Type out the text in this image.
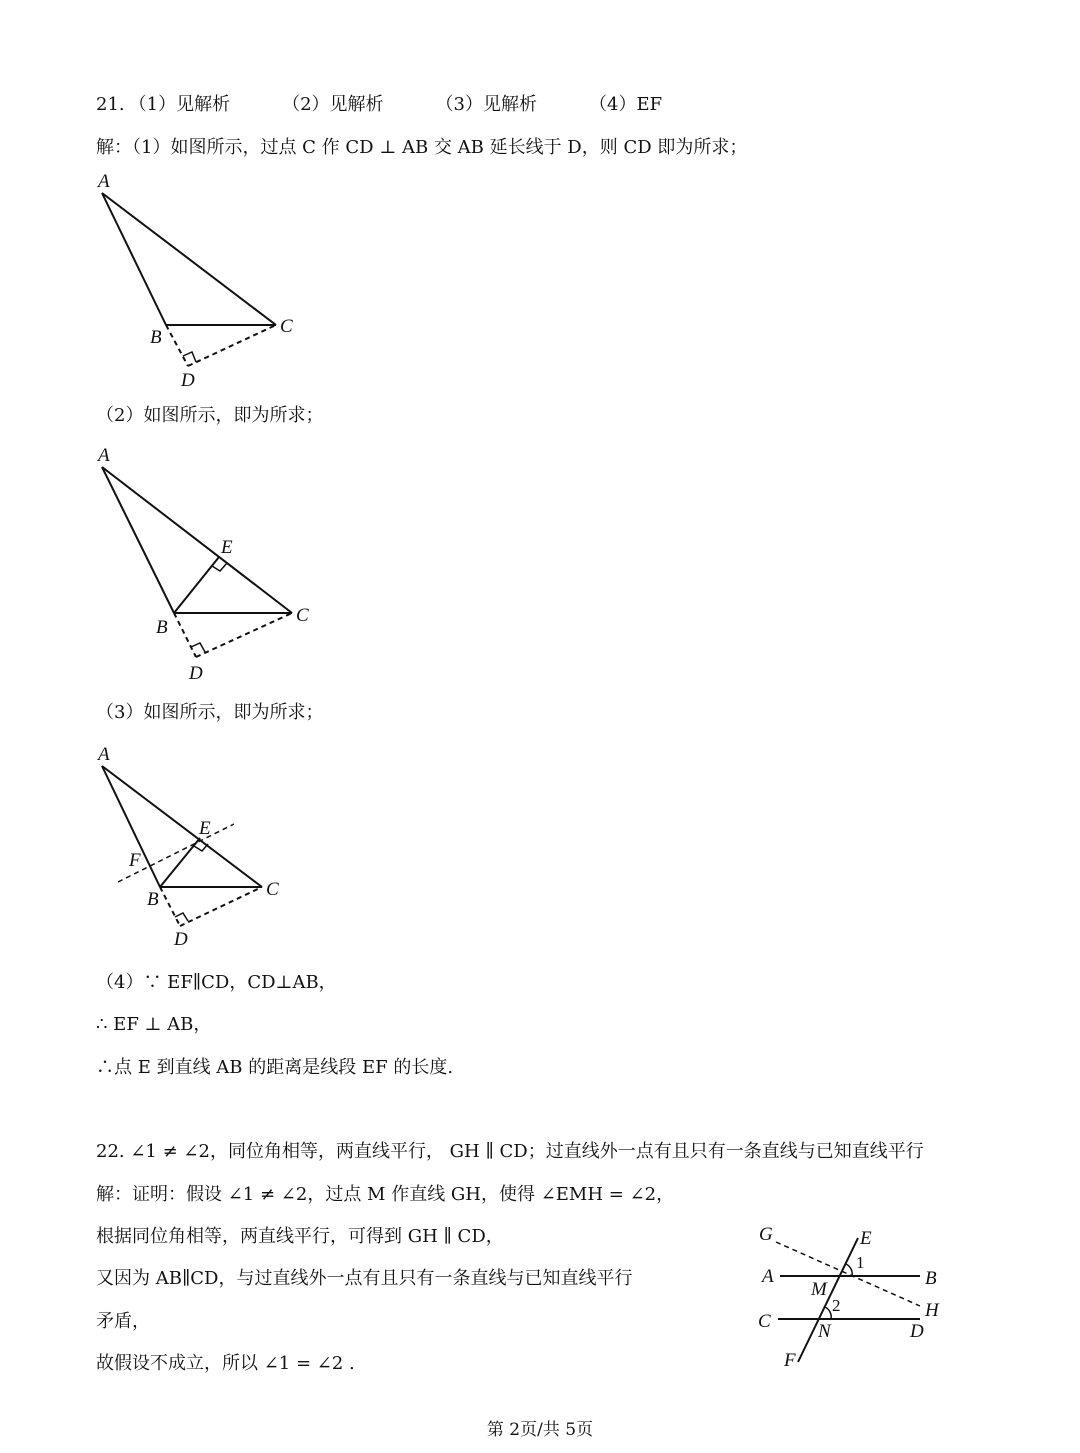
21. （1）见解析	（2）见解析	（3）见解析	（4）EF
解：（1）如图所示，过点 C 作 CD ⊥ AB 交 AB 延长线于 D，则 CD 即为所求；
A
B
C
D
（2）如图所示，即为所求；
A
E
B
C
D
（3）如图所示，即为所求；
A
E
F
B	C
D
（4）∵ EF∥CD，CD⊥AB，
∴ EF ⊥ AB，
∴点 E 到直线 AB 的距离是线段 EF 的长度.
22. ∠1 ≠ ∠2，同位角相等，两直线平行， GH ∥ CD；过直线外一点有且只有一条直线与已知直线平行
解：证明：假设 ∠1 ≠ ∠2，过点 M 作直线 GH，使得 ∠EMH = ∠2，
根据同位角相等，两直线平行，可得到 GH ∥ CD，
又因为 AB∥CD，与过直线外一点有且只有一条直线与已知直线平行
矛盾，
故假设不成立，所以 ∠1 = ∠2 .
G	E
1
A	B
M
2	H
C N	D
F
第 2页/共 5页
